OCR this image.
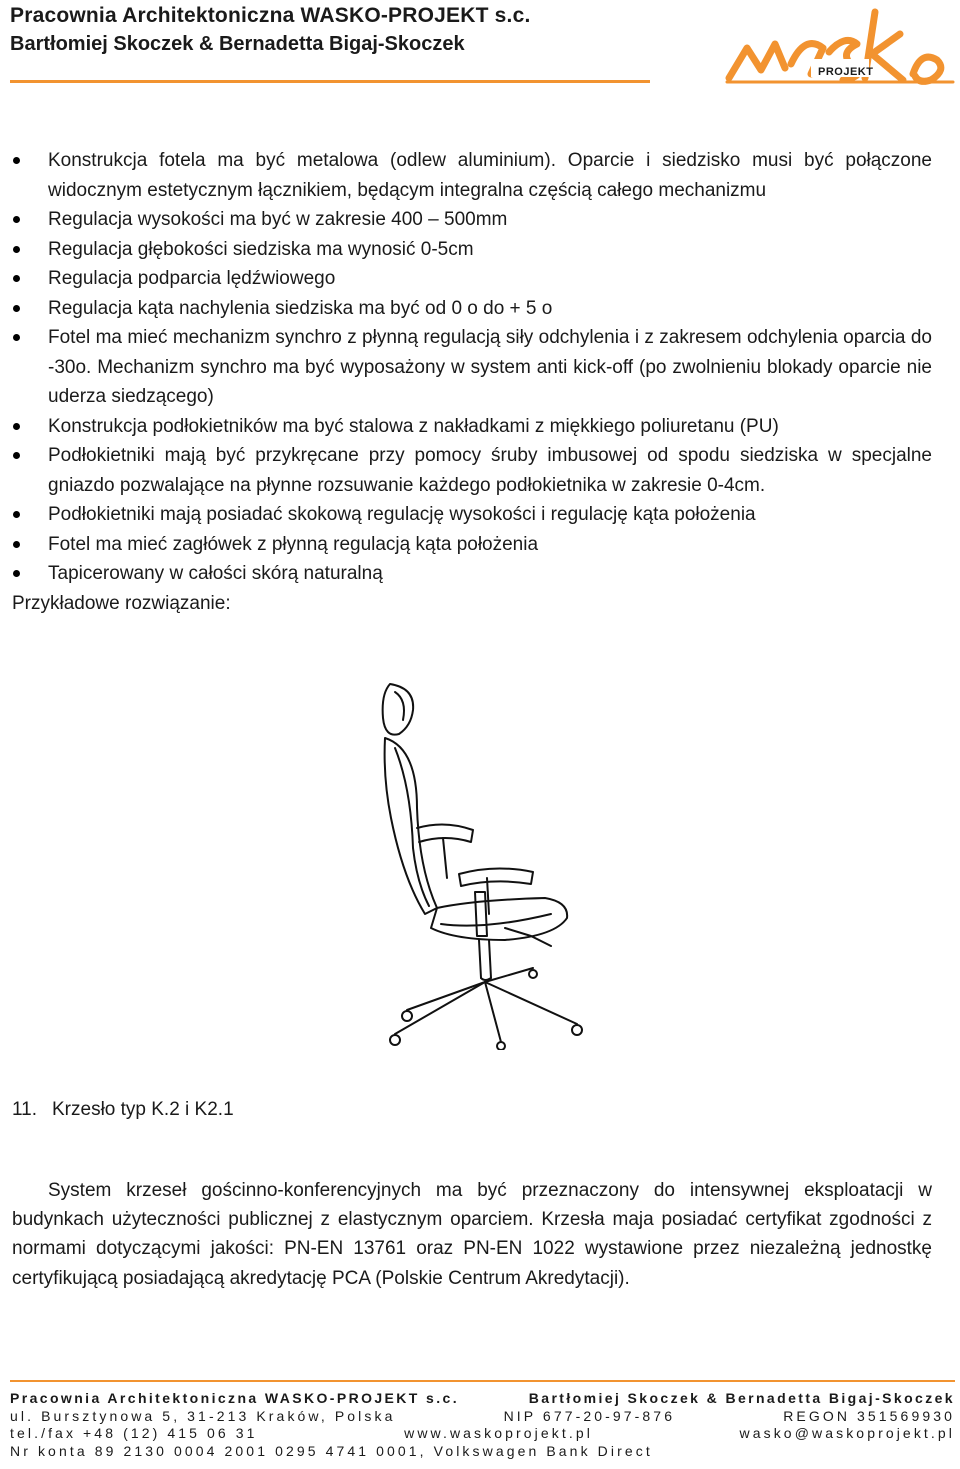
Pracownia Architektoniczna WASKO-PROJEKT s.c.
Bartłomiej Skoczek & Bernadetta Bigaj-Skoczek
PROJEKT
Konstrukcja fotela ma być metalowa (odlew aluminium). Oparcie i siedzisko musi być połączone widocznym estetycznym łącznikiem, będącym integralna częścią całego mechanizmu
Regulacja wysokości ma być w zakresie 400 – 500mm
Regulacja głębokości siedziska ma wynosić 0-5cm
Regulacja podparcia lędźwiowego
Regulacja kąta nachylenia siedziska ma być od 0 o do + 5 o
Fotel ma mieć mechanizm synchro z płynną regulacją siły odchylenia i z zakresem odchylenia oparcia do -30o. Mechanizm synchro ma być wyposażony w system anti kick-off (po zwolnieniu blokady oparcie nie uderza siedzącego)
Konstrukcja podłokietników ma być stalowa z nakładkami z miękkiego poliuretanu (PU)
Podłokietniki mają być przykręcane przy pomocy śruby imbusowej od spodu siedziska w specjalne gniazdo pozwalające na płynne rozsuwanie każdego podłokietnika w zakresie 0-4cm.
Podłokietniki mają posiadać skokową regulację wysokości i regulację kąta położenia
Fotel ma mieć zagłówek z płynną regulacją kąta położenia
Tapicerowany w całości skórą naturalną

Przykładowe rozwiązanie:

11. Krzesło typ K.2 i K2.1

System krzeseł gościnno-konferencyjnych ma być przeznaczony do intensywnej eksploatacji w budynkach użyteczności publicznej z elastycznym oparciem. Krzesła maja posiadać certyfikat zgodności z normami dotyczącymi jakości: PN-EN 13761 oraz PN-EN 1022 wystawione przez niezależną jednostkę certyfikującą posiadającą akredytację PCA (Polskie Centrum Akredytacji).

Pracownia Architektoniczna WASKO-PROJEKT s.c.	Bartłomiej Skoczek & Bernadetta Bigaj-Skoczek
ul. Bursztynowa 5, 31-213 Kraków, Polska	NIP 677-20-97-876	REGON 351569930
tel./fax +48 (12) 415 06 31	www.waskoprojekt.pl	wasko@waskoprojekt.pl
Nr konta 89 2130 0004 2001 0295 4741 0001, Volkswagen Bank Direct
